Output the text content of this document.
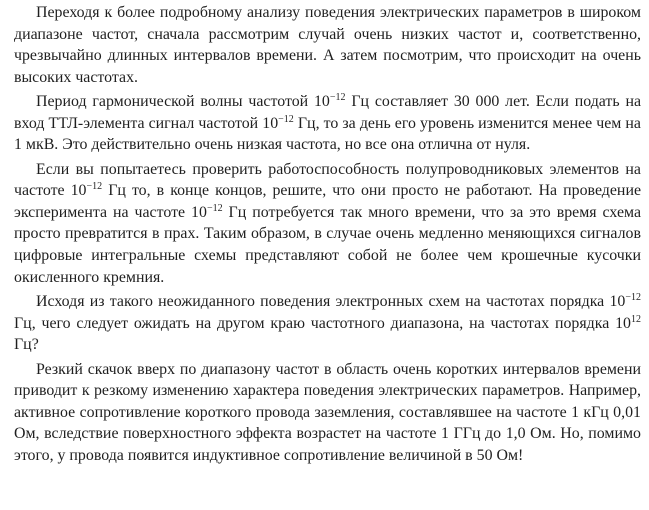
Переходя к более подробному анализу поведения электрических параметров в широком диапазоне частот, сначала рассмотрим случай очень низких частот и, соответственно, чрезвычайно длинных интервалов времени. А затем посмотрим, что происходит на очень высоких частотах.

Период гармонической волны частотой $10^{-12}$ Гц составляет 30 000 лет. Если подать на вход ТТЛ-элемента сигнал частотой $10^{-12}$ Гц, то за день его уровень изменится менее чем на 1 мкВ. Это действительно очень низкая частота, но все она отлична от нуля.

Если вы попытаетесь проверить работоспособность полупроводниковых элементов на частоте $10^{-12}$ Гц то, в конце концов, решите, что они просто не работают. На проведение эксперимента на частоте $10^{-12}$ Гц потребуется так много времени, что за это время схема просто превратится в прах. Таким образом, в случае очень медленно меняющихся сигналов цифровые интегральные схемы представляют собой не более чем крошечные кусочки окисленного кремния.

Исходя из такого неожиданного поведения электронных схем на частотах порядка $10^{-12}$ Гц, чего следует ожидать на другом краю частотного диапазона, на частотах порядка $10^{12}$ Гц?

Резкий скачок вверх по диапазону частот в область очень коротких интервалов времени приводит к резкому изменению характера поведения электрических параметров. Например, активное сопротивление короткого провода заземления, составлявшее на частоте 1 кГц 0,01 Ом, вследствие поверхностного эффекта возрастет на частоте 1 ГГц до 1,0 Ом. Но, помимо этого, у провода появится индуктивное сопротивление величиной в 50 Ом!
